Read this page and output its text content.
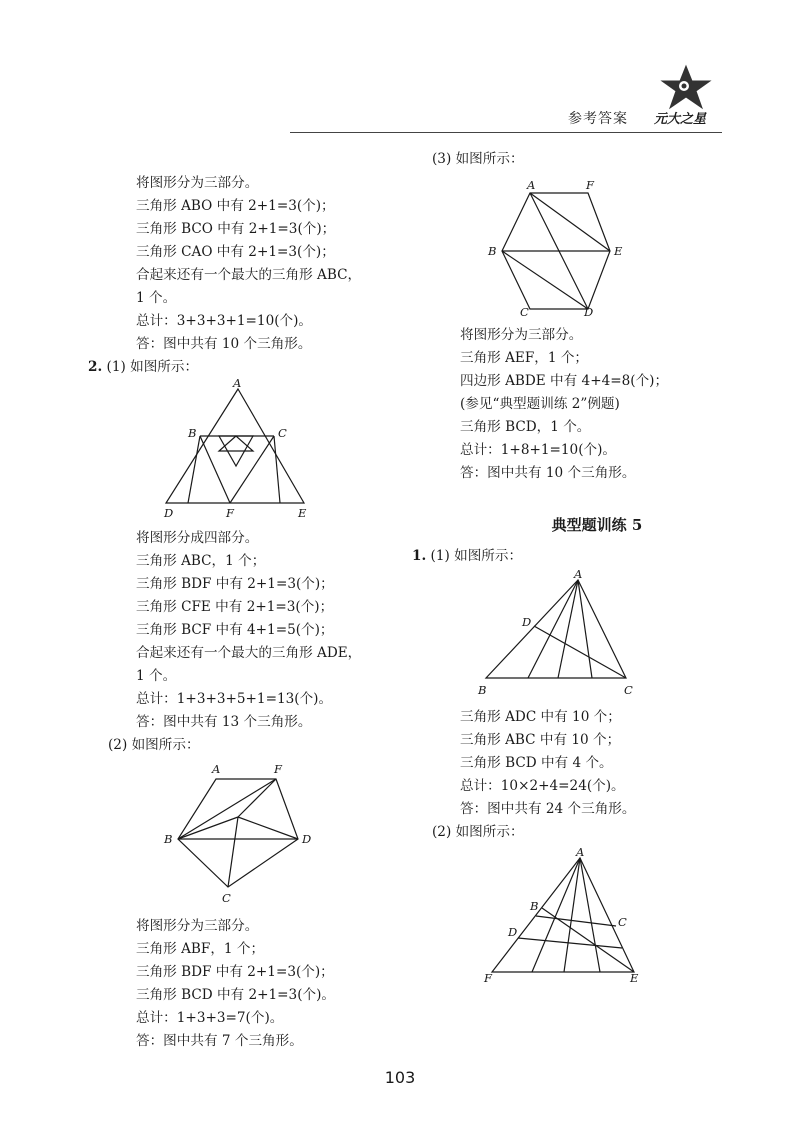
参考答案 元大之星
将图形分为三部分。
三角形 ABO 中有 2+1=3(个)；
三角形 BCO 中有 2+1=3(个)；
三角形 CAO 中有 2+1=3(个)；
合起来还有一个最大的三角形 ABC，
1 个。
总计：3+3+3+1=10(个)。
答：图中共有 10 个三角形。
2. (1) 如图所示：
A
B	C
D	F	E
将图形分成四部分。
三角形 ABC，1 个；
三角形 BDF 中有 2+1=3(个)；
三角形 CFE 中有 2+1=3(个)；
三角形 BCF 中有 4+1=5(个)；
合起来还有一个最大的三角形 ADE，
1 个。
总计：1+3+3+5+1=13(个)。
答：图中共有 13 个三角形。
(2) 如图所示：
A	F
B	D
C
将图形分为三部分。
三角形 ABF，1 个；
三角形 BDF 中有 2+1=3(个)；
三角形 BCD 中有 2+1=3(个)。
总计：1+3+3=7(个)。
答：图中共有 7 个三角形。
(3) 如图所示：
A	F
B	E
C	D
将图形分为三部分。
三角形 AEF，1 个；
四边形 ABDE 中有 4+4=8(个)；
(参见“典型题训练 2”例题)
三角形 BCD，1 个。
总计：1+8+1=10(个)。
答：图中共有 10 个三角形。
典型题训练 5
1. (1) 如图所示：
A
D
B	C
三角形 ADC 中有 10 个；
三角形 ABC 中有 10 个；
三角形 BCD 中有 4 个。
总计：10×2+4=24(个)。
答：图中共有 24 个三角形。
(2) 如图所示：
A
B
C
D
F	E
103
